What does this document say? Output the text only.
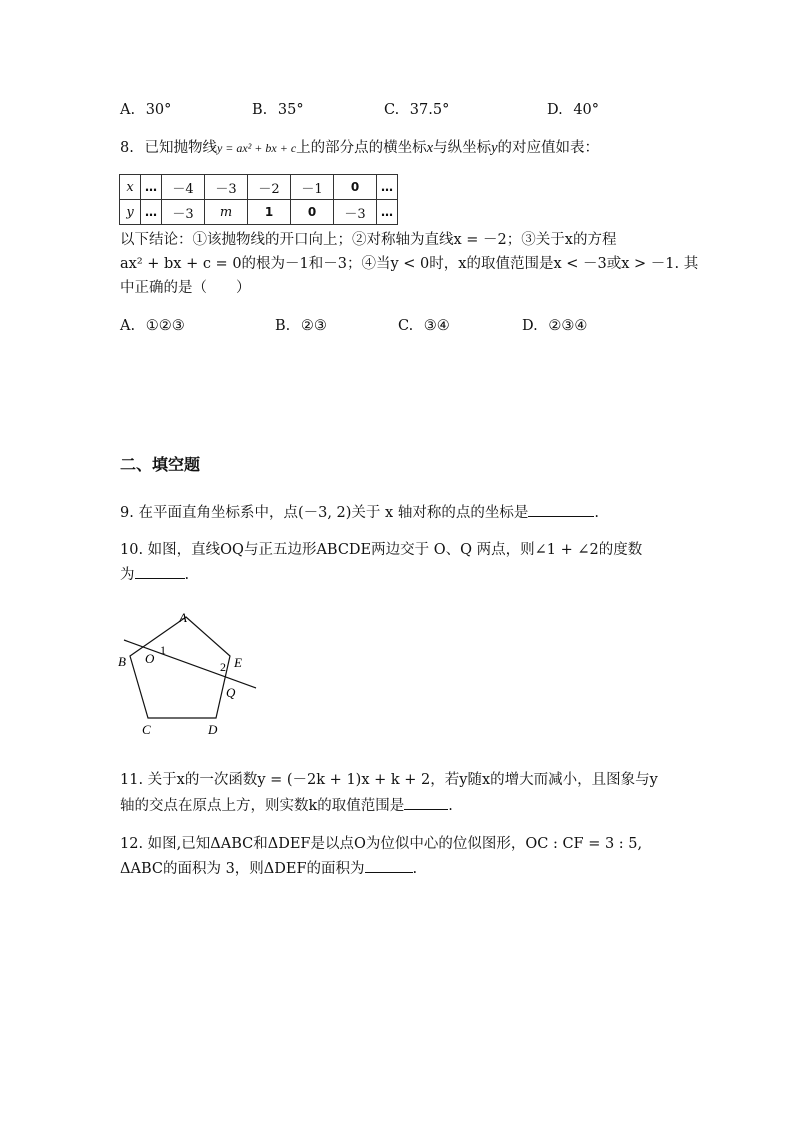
A. 30°	B. 35°	C. 37.5°	D. 40°
8. 已知抛物线y = ax² + bx + c上的部分点的横坐标x与纵坐标y的对应值如表：
x	…	－4	－3	－2	－1	0	…
y	…	－3	m	1	0	－3	…
以下结论：①该抛物线的开口向上；②对称轴为直线x = －2；③关于x的方程
ax² + bx + c = 0的根为－1和－3；④当y < 0时，x的取值范围是x < －3或x > －1. 其
中正确的是（　　）
A. ①②③	B. ②③	C. ③④	D. ②③④
二、填空题
9. 在平面直角坐标系中，点(－3, 2)关于 x 轴对称的点的坐标是	.
10. 如图，直线OQ与正五边形ABCDE两边交于 O、Q 两点，则∠1 + ∠2的度数
为	.
A
B
C	D
E
O
Q
1
2
11. 关于x的一次函数y = (－2k + 1)x + k + 2，若y随x的增大而减小，且图象与y
轴的交点在原点上方，则实数k的取值范围是	.
12. 如图,已知ΔABC和ΔDEF是以点O为位似中心的位似图形，OC : CF = 3 : 5,
ΔABC的面积为 3，则ΔDEF的面积为	.
